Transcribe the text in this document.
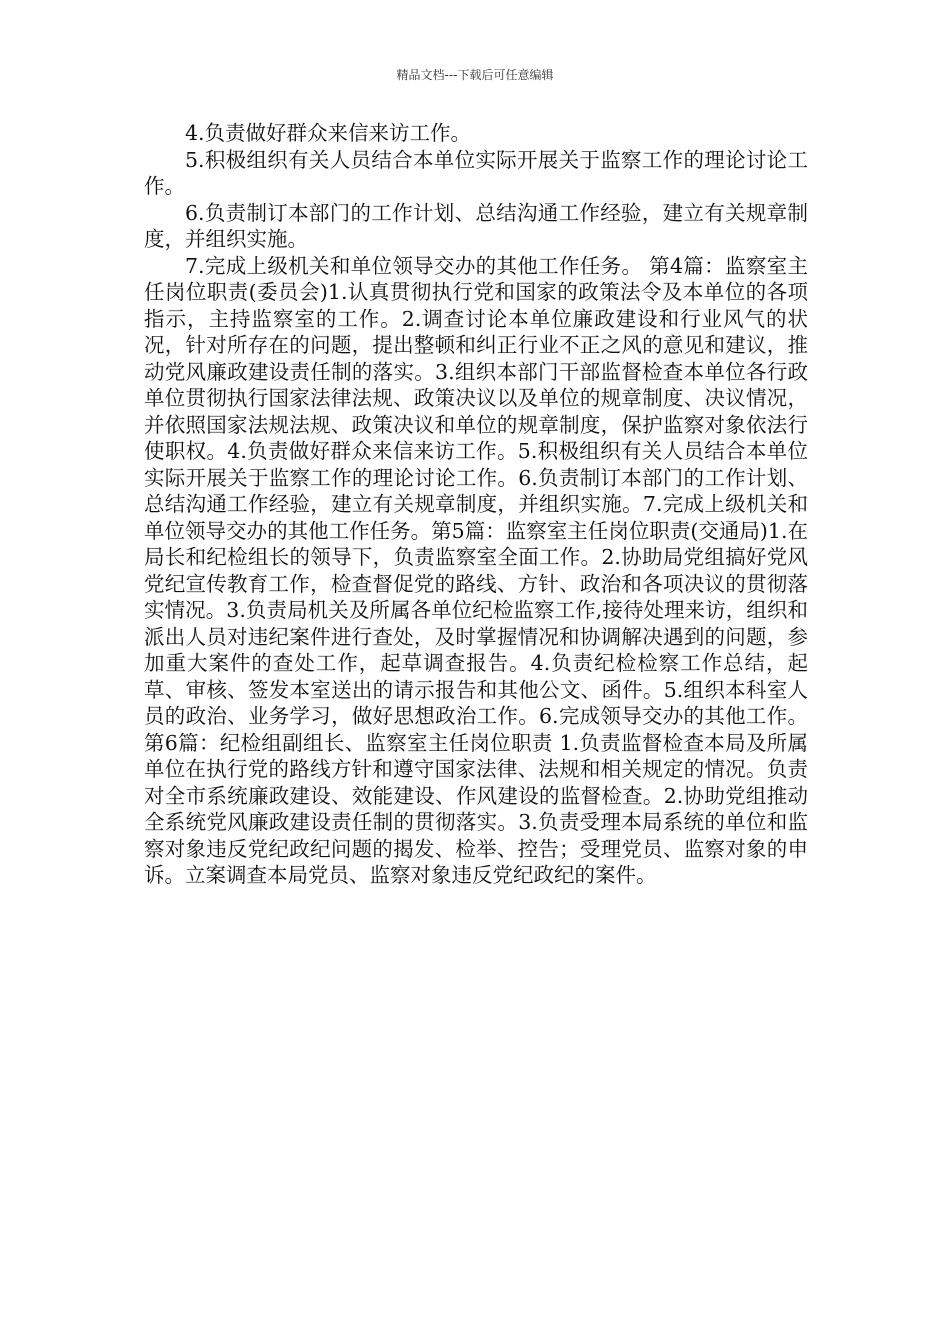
精品文档---下载后可任意编辑

4.负责做好群众来信来访工作。

5.积极组织有关人员结合本单位实际开展关于监察工作的理论讨论工作。

6.负责制订本部门的工作计划、总结沟通工作经验，建立有关规章制度，并组织实施。

7.完成上级机关和单位领导交办的其他工作任务。 第4篇：监察室主任岗位职责(委员会)1.认真贯彻执行党和国家的政策法令及本单位的各项指示，主持监察室的工作。2.调查讨论本单位廉政建设和行业风气的状况，针对所存在的问题，提出整顿和纠正行业不正之风的意见和建议，推动党风廉政建设责任制的落实。3.组织本部门干部监督检查本单位各行政单位贯彻执行国家法律法规、政策决议以及单位的规章制度、决议情况，并依照国家法规法规、政策决议和单位的规章制度，保护监察对象依法行使职权。4.负责做好群众来信来访工作。5.积极组织有关人员结合本单位实际开展关于监察工作的理论讨论工作。6.负责制订本部门的工作计划、总结沟通工作经验，建立有关规章制度，并组织实施。7.完成上级机关和单位领导交办的其他工作任务。第5篇：监察室主任岗位职责(交通局)1.在局长和纪检组长的领导下，负责监察室全面工作。2.协助局党组搞好党风党纪宣传教育工作，检查督促党的路线、方针、政治和各项决议的贯彻落实情况。3.负责局机关及所属各单位纪检监察工作,接待处理来访，组织和派出人员对违纪案件进行查处，及时掌握情况和协调解决遇到的问题，参加重大案件的查处工作，起草调查报告。4.负责纪检检察工作总结，起草、审核、签发本室送出的请示报告和其他公文、函件。5.组织本科室人员的政治、业务学习，做好思想政治工作。6.完成领导交办的其他工作。第6篇：纪检组副组长、监察室主任岗位职责 1.负责监督检查本局及所属单位在执行党的路线方针和遵守国家法律、法规和相关规定的情况。负责对全市系统廉政建设、效能建设、作风建设的监督检查。2.协助党组推动全系统党风廉政建设责任制的贯彻落实。3.负责受理本局系统的单位和监察对象违反党纪政纪问题的揭发、检举、控告；受理党员、监察对象的申诉。立案调查本局党员、监察对象违反党纪政纪的案件。
